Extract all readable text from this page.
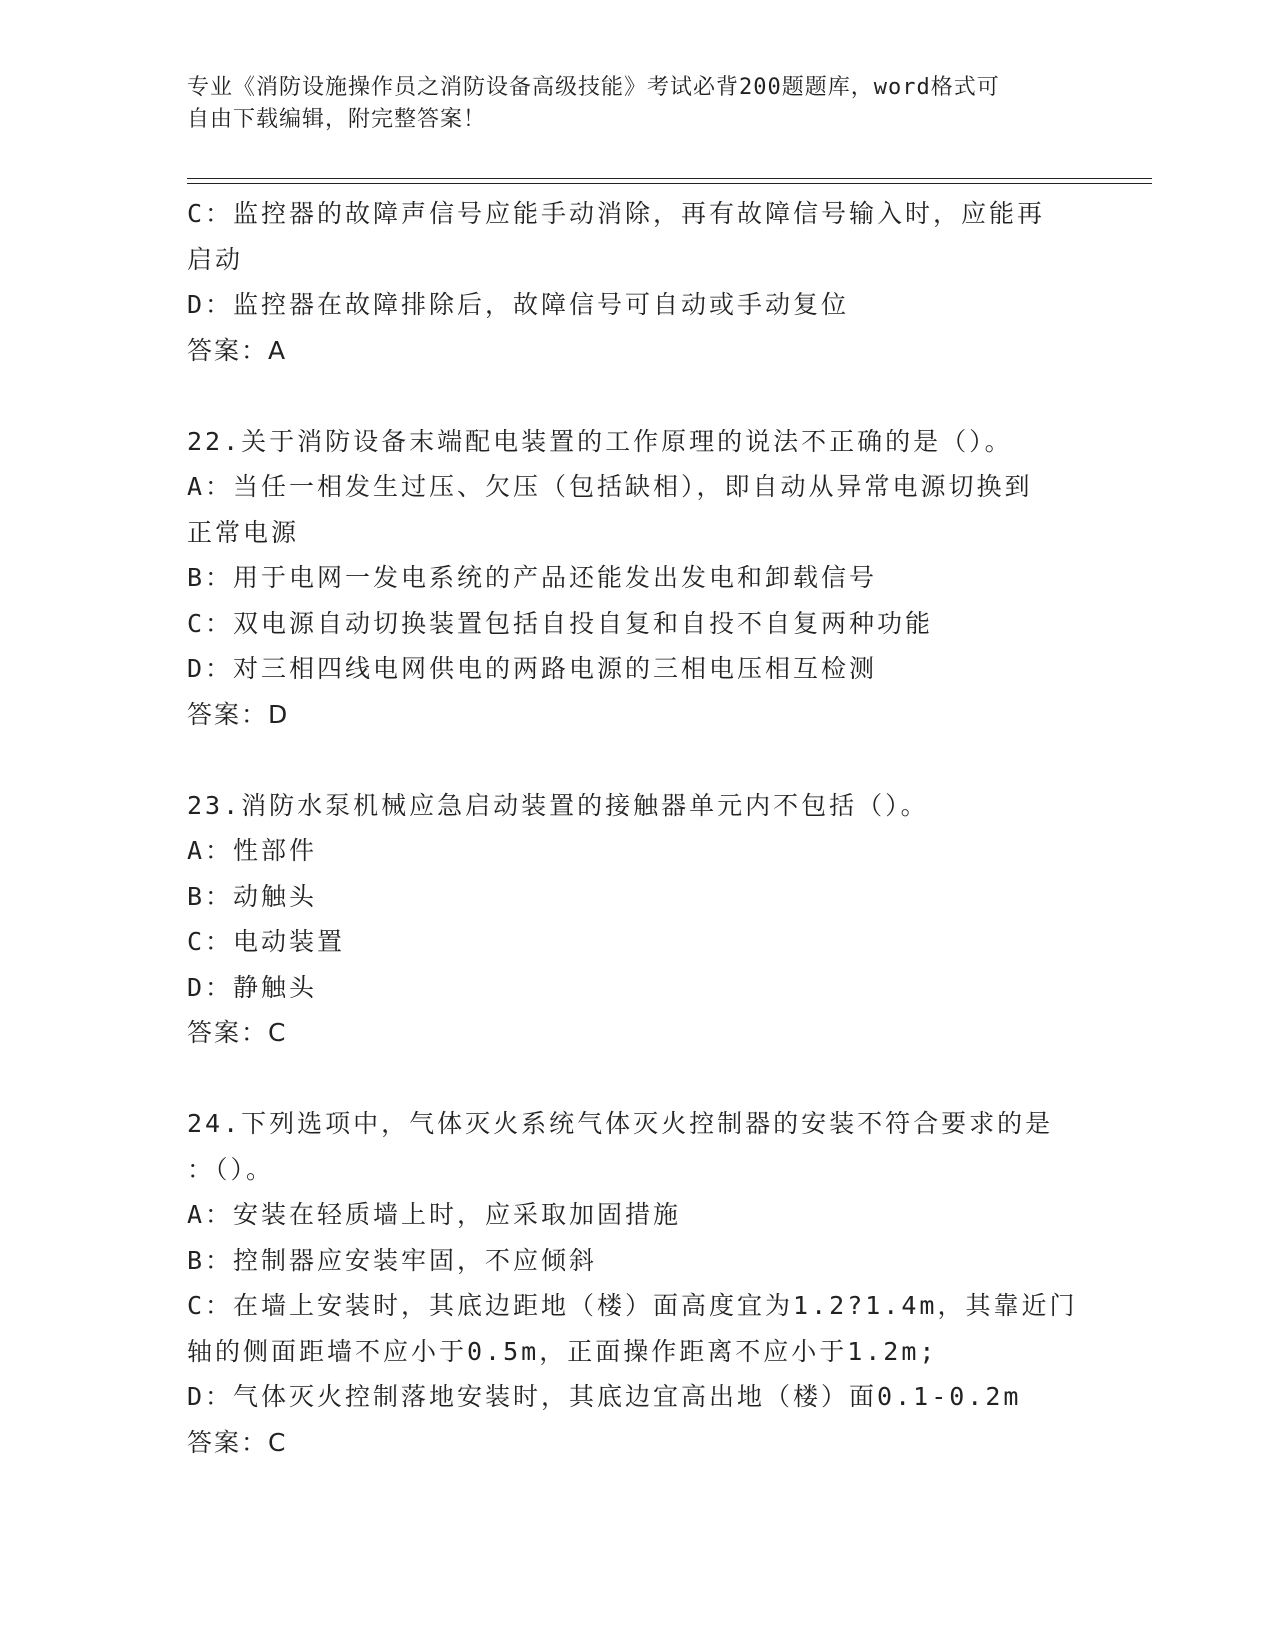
专业《消防设施操作员之消防设备高级技能》考试必背200题题库，word格式可
自由下载编辑，附完整答案！
C：监控器的故障声信号应能手动消除，再有故障信号输入时，应能再
启动
D：监控器在故障排除后，故障信号可自动或手动复位
答案：A
22.关于消防设备末端配电装置的工作原理的说法不正确的是（）。
A：当任一相发生过压、欠压（包括缺相），即自动从异常电源切换到
正常电源
B：用于电网一发电系统的产品还能发出发电和卸载信号
C：双电源自动切换装置包括自投自复和自投不自复两种功能
D：对三相四线电网供电的两路电源的三相电压相互检测
答案：D
23.消防水泵机械应急启动装置的接触器单元内不包括（）。
A：性部件
B：动触头
C：电动装置
D：静触头
答案：C
24.下列选项中，气体灭火系统气体灭火控制器的安装不符合要求的是
：（）。
A：安装在轻质墙上时，应采取加固措施
B：控制器应安装牢固，不应倾斜
C：在墙上安装时，其底边距地（楼）面高度宜为1.2?1.4m，其靠近门
轴的侧面距墙不应小于0.5m，正面操作距离不应小于1.2m;
D：气体灭火控制落地安装时，其底边宜高出地（楼）面0.1-0.2m
答案：C
